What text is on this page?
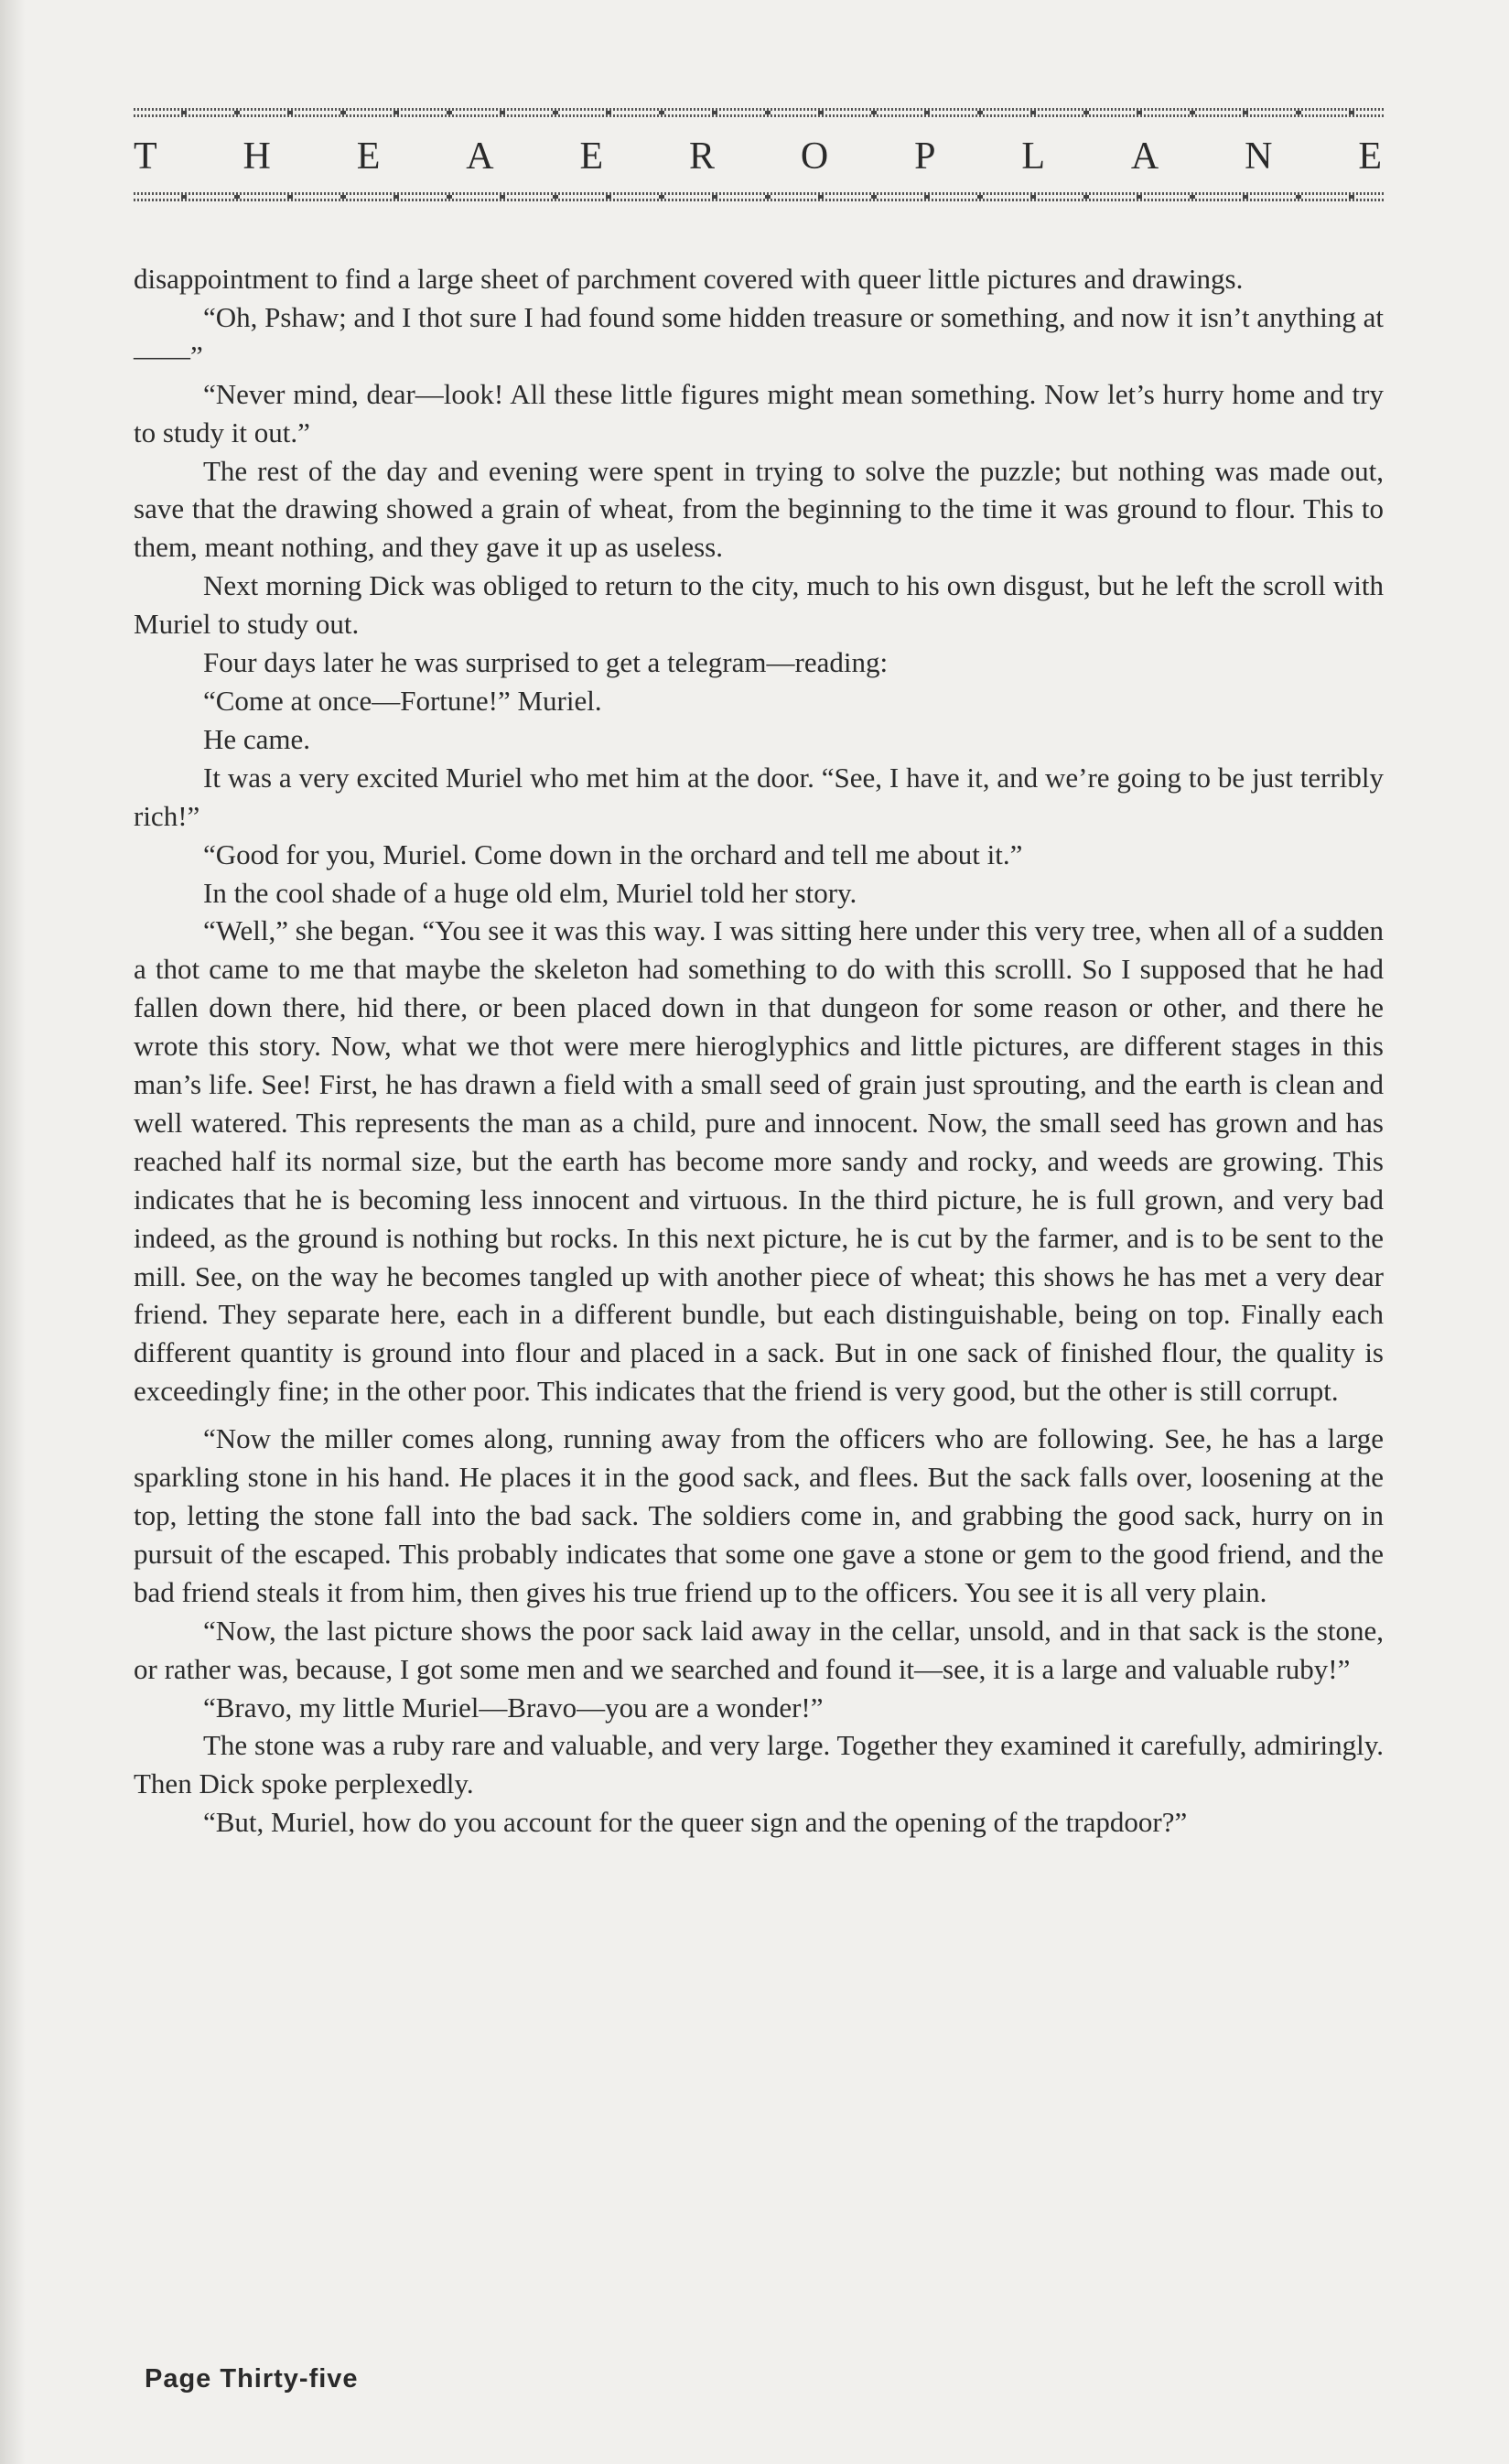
T H E A E R O P L A N E

disappointment to find a large sheet of parchment covered with queer little pictures and drawings.

“Oh, Pshaw; and I thot sure I had found some hidden treasure or something, and now it isn’t anything at——”

“Never mind, dear—look! All these little figures might mean something. Now let’s hurry home and try to study it out.”

The rest of the day and evening were spent in trying to solve the puzzle; but nothing was made out, save that the drawing showed a grain of wheat, from the beginning to the time it was ground to flour. This to them, meant nothing, and they gave it up as useless.

Next morning Dick was obliged to return to the city, much to his own disgust, but he left the scroll with Muriel to study out.

Four days later he was surprised to get a telegram—reading:

“Come at once—Fortune!” Muriel.

He came.

It was a very excited Muriel who met him at the door. “See, I have it, and we’re going to be just terribly rich!”

“Good for you, Muriel. Come down in the orchard and tell me about it.”

In the cool shade of a huge old elm, Muriel told her story.

“Well,” she began. “You see it was this way. I was sitting here under this very tree, when all of a sudden a thot came to me that maybe the skeleton had something to do with this scrolll. So I supposed that he had fallen down there, hid there, or been placed down in that dungeon for some reason or other, and there he wrote this story. Now, what we thot were mere hieroglyphics and little pictures, are different stages in this man’s life. See! First, he has drawn a field with a small seed of grain just sprouting, and the earth is clean and well watered. This represents the man as a child, pure and innocent. Now, the small seed has grown and has reached half its normal size, but the earth has become more sandy and rocky, and weeds are growing. This indicates that he is becoming less innocent and virtuous. In the third picture, he is full grown, and very bad indeed, as the ground is nothing but rocks. In this next picture, he is cut by the farmer, and is to be sent to the mill. See, on the way he becomes tangled up with another piece of wheat; this shows he has met a very dear friend. They separate here, each in a different bundle, but each distinguishable, being on top. Finally each different quantity is ground into flour and placed in a sack. But in one sack of finished flour, the quality is exceedingly fine; in the other poor. This indicates that the friend is very good, but the other is still corrupt.

“Now the miller comes along, running away from the officers who are following. See, he has a large sparkling stone in his hand. He places it in the good sack, and flees. But the sack falls over, loosening at the top, letting the stone fall into the bad sack. The soldiers come in, and grabbing the good sack, hurry on in pursuit of the escaped. This probably indicates that some one gave a stone or gem to the good friend, and the bad friend steals it from him, then gives his true friend up to the officers. You see it is all very plain.

“Now, the last picture shows the poor sack laid away in the cellar, unsold, and in that sack is the stone, or rather was, because, I got some men and we searched and found it—see, it is a large and valuable ruby!”

“Bravo, my little Muriel—Bravo—you are a wonder!”

The stone was a ruby rare and valuable, and very large. Together they examined it carefully, admiringly. Then Dick spoke perplexedly.

“But, Muriel, how do you account for the queer sign and the opening of the trapdoor?”

Page Thirty-five
